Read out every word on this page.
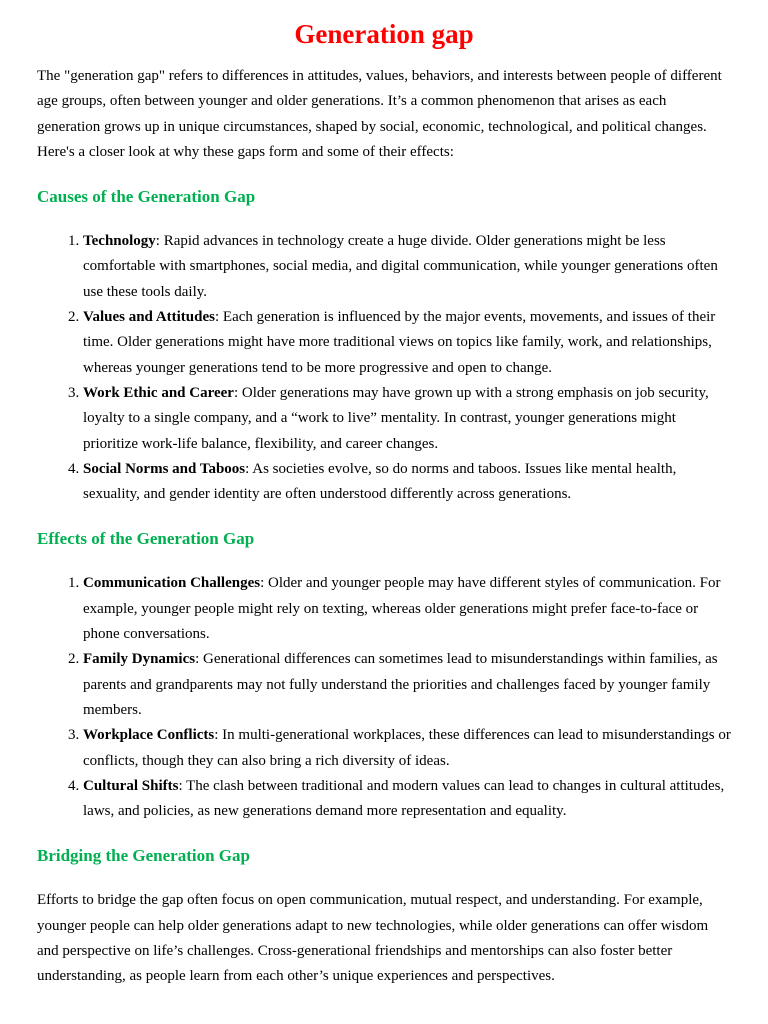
Generation gap

The "generation gap" refers to differences in attitudes, values, behaviors, and interests between people of different age groups, often between younger and older generations. It’s a common phenomenon that arises as each generation grows up in unique circumstances, shaped by social, economic, technological, and political changes. Here's a closer look at why these gaps form and some of their effects:

Causes of the Generation Gap
1. Technology: Rapid advances in technology create a huge divide. Older generations might be less comfortable with smartphones, social media, and digital communication, while younger generations often use these tools daily.
2. Values and Attitudes: Each generation is influenced by the major events, movements, and issues of their time. Older generations might have more traditional views on topics like family, work, and relationships, whereas younger generations tend to be more progressive and open to change.
3. Work Ethic and Career: Older generations may have grown up with a strong emphasis on job security, loyalty to a single company, and a “work to live” mentality. In contrast, younger generations might prioritize work-life balance, flexibility, and career changes.
4. Social Norms and Taboos: As societies evolve, so do norms and taboos. Issues like mental health, sexuality, and gender identity are often understood differently across generations.
Effects of the Generation Gap
1. Communication Challenges: Older and younger people may have different styles of communication. For example, younger people might rely on texting, whereas older generations might prefer face-to-face or phone conversations.
2. Family Dynamics: Generational differences can sometimes lead to misunderstandings within families, as parents and grandparents may not fully understand the priorities and challenges faced by younger family members.
3. Workplace Conflicts: In multi-generational workplaces, these differences can lead to misunderstandings or conflicts, though they can also bring a rich diversity of ideas.
4. Cultural Shifts: The clash between traditional and modern values can lead to changes in cultural attitudes, laws, and policies, as new generations demand more representation and equality.
Bridging the Generation Gap

Efforts to bridge the gap often focus on open communication, mutual respect, and understanding. For example, younger people can help older generations adapt to new technologies, while older generations can offer wisdom and perspective on life’s challenges. Cross-generational friendships and mentorships can also foster better understanding, as people learn from each other’s unique experiences and perspectives.
